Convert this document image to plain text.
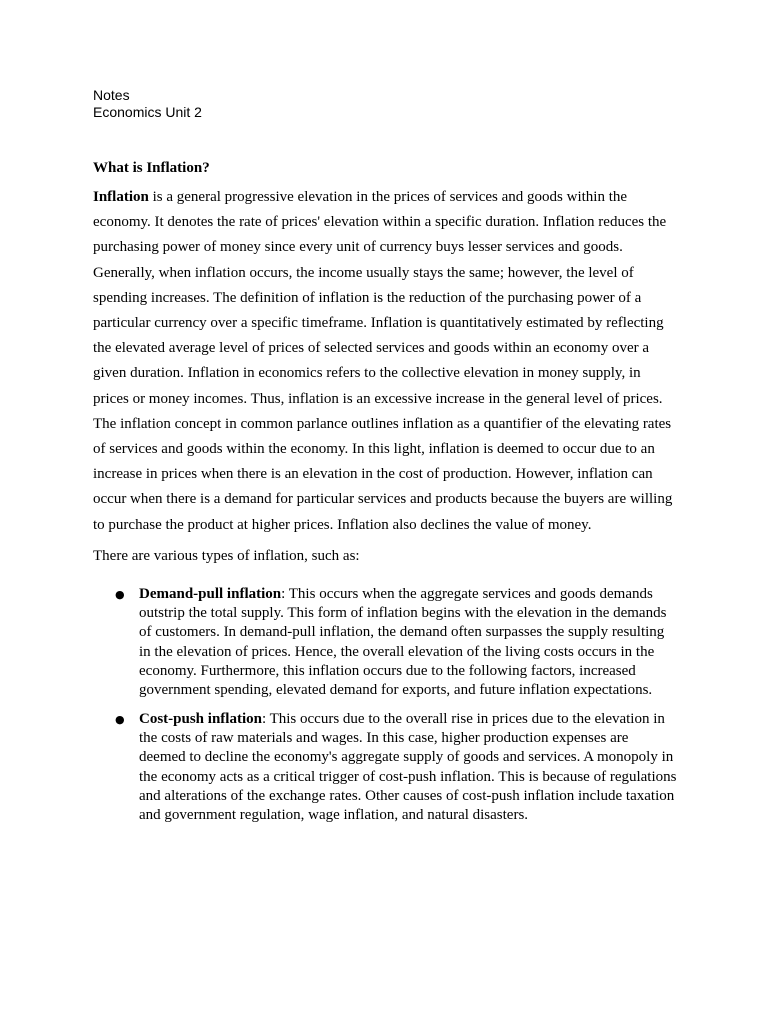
Notes

Economics Unit 2

What is Inflation?

Inflation is a general progressive elevation in the prices of services and goods within the economy. It denotes the rate of prices' elevation within a specific duration. Inflation reduces the purchasing power of money since every unit of currency buys lesser services and goods. Generally, when inflation occurs, the income usually stays the same; however, the level of spending increases. The definition of inflation is the reduction of the purchasing power of a particular currency over a specific timeframe. Inflation is quantitatively estimated by reflecting the elevated average level of prices of selected services and goods within an economy over a given duration. Inflation in economics refers to the collective elevation in money supply, in prices or money incomes. Thus, inflation is an excessive increase in the general level of prices. The inflation concept in common parlance outlines inflation as a quantifier of the elevating rates of services and goods within the economy. In this light, inflation is deemed to occur due to an increase in prices when there is an elevation in the cost of production. However, inflation can occur when there is a demand for particular services and products because the buyers are willing to purchase the product at higher prices. Inflation also declines the value of money.

There are various types of inflation, such as:

● Demand-pull inflation: This occurs when the aggregate services and goods demands outstrip the total supply. This form of inflation begins with the elevation in the demands of customers. In demand-pull inflation, the demand often surpasses the supply resulting in the elevation of prices. Hence, the overall elevation of the living costs occurs in the economy. Furthermore, this inflation occurs due to the following factors, increased government spending, elevated demand for exports, and future inflation expectations.
● Cost-push inflation: This occurs due to the overall rise in prices due to the elevation in the costs of raw materials and wages. In this case, higher production expenses are deemed to decline the economy's aggregate supply of goods and services. A monopoly in the economy acts as a critical trigger of cost-push inflation. This is because of regulations and alterations of the exchange rates. Other causes of cost-push inflation include taxation and government regulation, wage inflation, and natural disasters.
